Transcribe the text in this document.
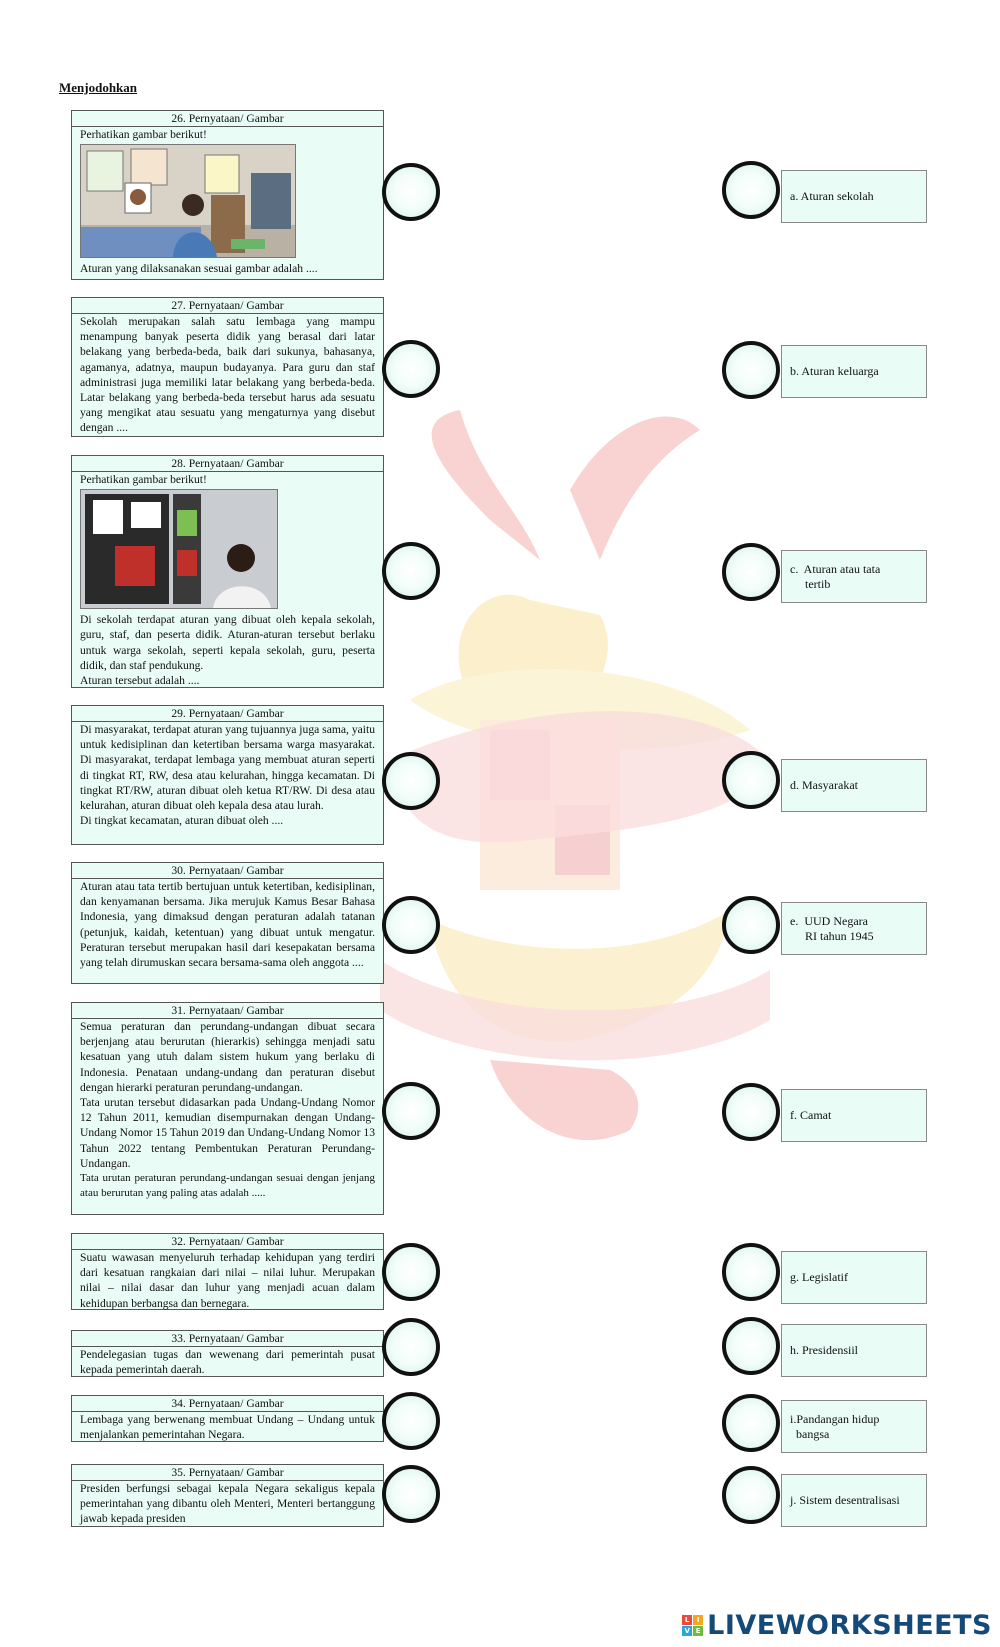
Menjodohkan
26. Pernyataan/ Gambar

Perhatikan gambar berikut!

Aturan yang dilaksanakan sesuai gambar adalah ....

27. Pernyataan/ Gambar

Sekolah merupakan salah satu lembaga yang mampu menampung banyak peserta didik yang berasal dari latar belakang yang berbeda-beda, baik dari sukunya, bahasanya, agamanya, adatnya, maupun budayanya. Para guru dan staf administrasi juga memiliki latar belakang yang berbeda-beda. Latar belakang yang berbeda-beda tersebut harus ada sesuatu yang mengikat atau sesuatu yang mengaturnya yang disebut dengan ....

28. Pernyataan/ Gambar

Perhatikan gambar berikut!

Di sekolah terdapat aturan yang dibuat oleh kepala sekolah, guru, staf, dan peserta didik. Aturan-aturan tersebut berlaku untuk warga sekolah, seperti kepala sekolah, guru, peserta didik, dan staf pendukung.

Aturan tersebut adalah ....

29. Pernyataan/ Gambar

Di masyarakat, terdapat aturan yang tujuannya juga sama, yaitu untuk kedisiplinan dan ketertiban bersama warga masyarakat. Di masyarakat, terdapat lembaga yang membuat aturan seperti di tingkat RT, RW, desa atau kelurahan, hingga kecamatan. Di tingkat RT/RW, aturan dibuat oleh ketua RT/RW. Di desa atau kelurahan, aturan dibuat oleh kepala desa atau lurah.

Di tingkat kecamatan, aturan dibuat oleh ....

30. Pernyataan/ Gambar

Aturan atau tata tertib bertujuan untuk ketertiban, kedisiplinan, dan kenyamanan bersama. Jika merujuk Kamus Besar Bahasa Indonesia, yang dimaksud dengan peraturan adalah tatanan (petunjuk, kaidah, ketentuan) yang dibuat untuk mengatur. Peraturan tersebut merupakan hasil dari kesepakatan bersama yang telah dirumuskan secara bersama-sama oleh anggota ....

31. Pernyataan/ Gambar

Semua peraturan dan perundang-undangan dibuat secara berjenjang atau berurutan (hierarkis) sehingga menjadi satu kesatuan yang utuh dalam sistem hukum yang berlaku di Indonesia. Penataan undang-undang dan peraturan disebut dengan hierarki peraturan perundang-undangan.

Tata urutan tersebut didasarkan pada Undang-Undang Nomor 12 Tahun 2011, kemudian disempurnakan dengan Undang-Undang Nomor 15 Tahun 2019 dan Undang-Undang Nomor 13 Tahun 2022 tentang Pembentukan Peraturan Perundang-Undangan.

Tata urutan peraturan perundang-undangan sesuai dengan jenjang atau berurutan yang paling atas adalah .....

32. Pernyataan/ Gambar

Suatu wawasan menyeluruh terhadap kehidupan yang terdiri dari kesatuan rangkaian dari nilai – nilai luhur. Merupakan nilai – nilai dasar dan luhur yang menjadi acuan dalam kehidupan berbangsa dan bernegara.

33. Pernyataan/ Gambar

Pendelegasian tugas dan wewenang dari pemerintah pusat kepada pemerintah daerah.

34. Pernyataan/ Gambar

Lembaga yang berwenang membuat Undang – Undang untuk menjalankan pemerintahan Negara.

35. Pernyataan/ Gambar

Presiden berfungsi sebagai kepala Negara sekaligus kepala pemerintahan yang dibantu oleh Menteri, Menteri bertanggung jawab kepada presiden

a. Aturan sekolah
b. Aturan keluarga
c.  Aturan atau tata
tertib
d. Masyarakat
e.  UUD Negara
RI tahun 1945
f. Camat
g. Legislatif
h. Presidensiil
i.Pandangan hidup
bangsa
j. Sistem desentralisasi
L	I
V E LIVEWORKSHEETS
